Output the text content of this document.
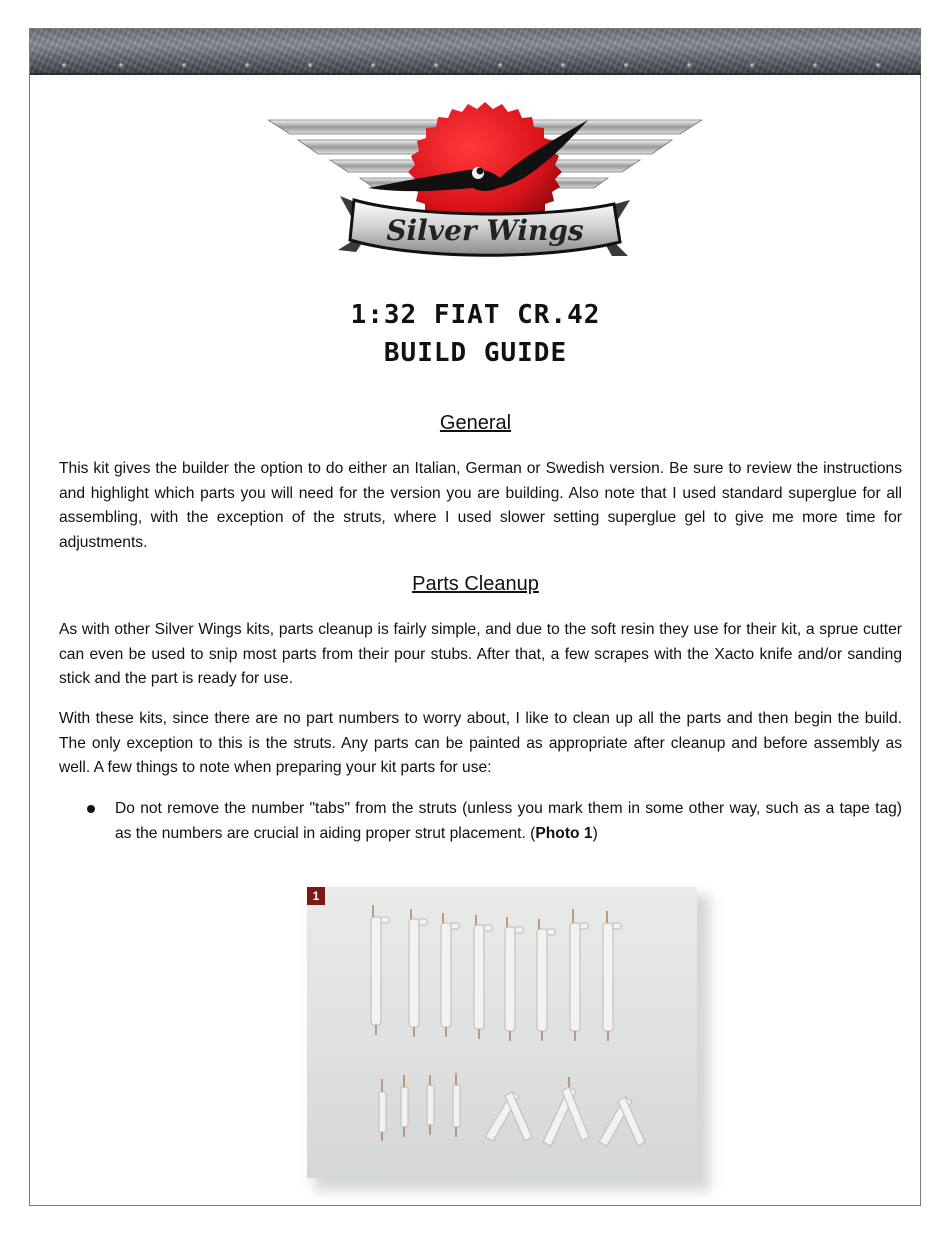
Silver Wings
1:32 FIAT CR.42
BUILD GUIDE
General
This kit gives the builder the option to do either an Italian, German or Swedish version. Be sure to review the instructions and highlight which parts you will need for the version you are building. Also note that I used standard superglue for all assembling, with the exception of the struts, where I used slower setting superglue gel to give me more time for adjustments.
Parts Cleanup
As with other Silver Wings kits, parts cleanup is fairly simple, and due to the soft resin they use for their kit, a sprue cutter can even be used to snip most parts from their pour stubs. After that, a few scrapes with the Xacto knife and/or sanding stick and the part is ready for use.
With these kits, since there are no part numbers to worry about, I like to clean up all the parts and then begin the build. The only exception to this is the struts. Any parts can be painted as appropriate after cleanup and before assembly as well. A few things to note when preparing your kit parts for use:
Do not remove the number "tabs" from the struts (unless you mark them in some other way, such as a tape tag) as the numbers are crucial in aiding proper strut placement. (Photo 1)
1
